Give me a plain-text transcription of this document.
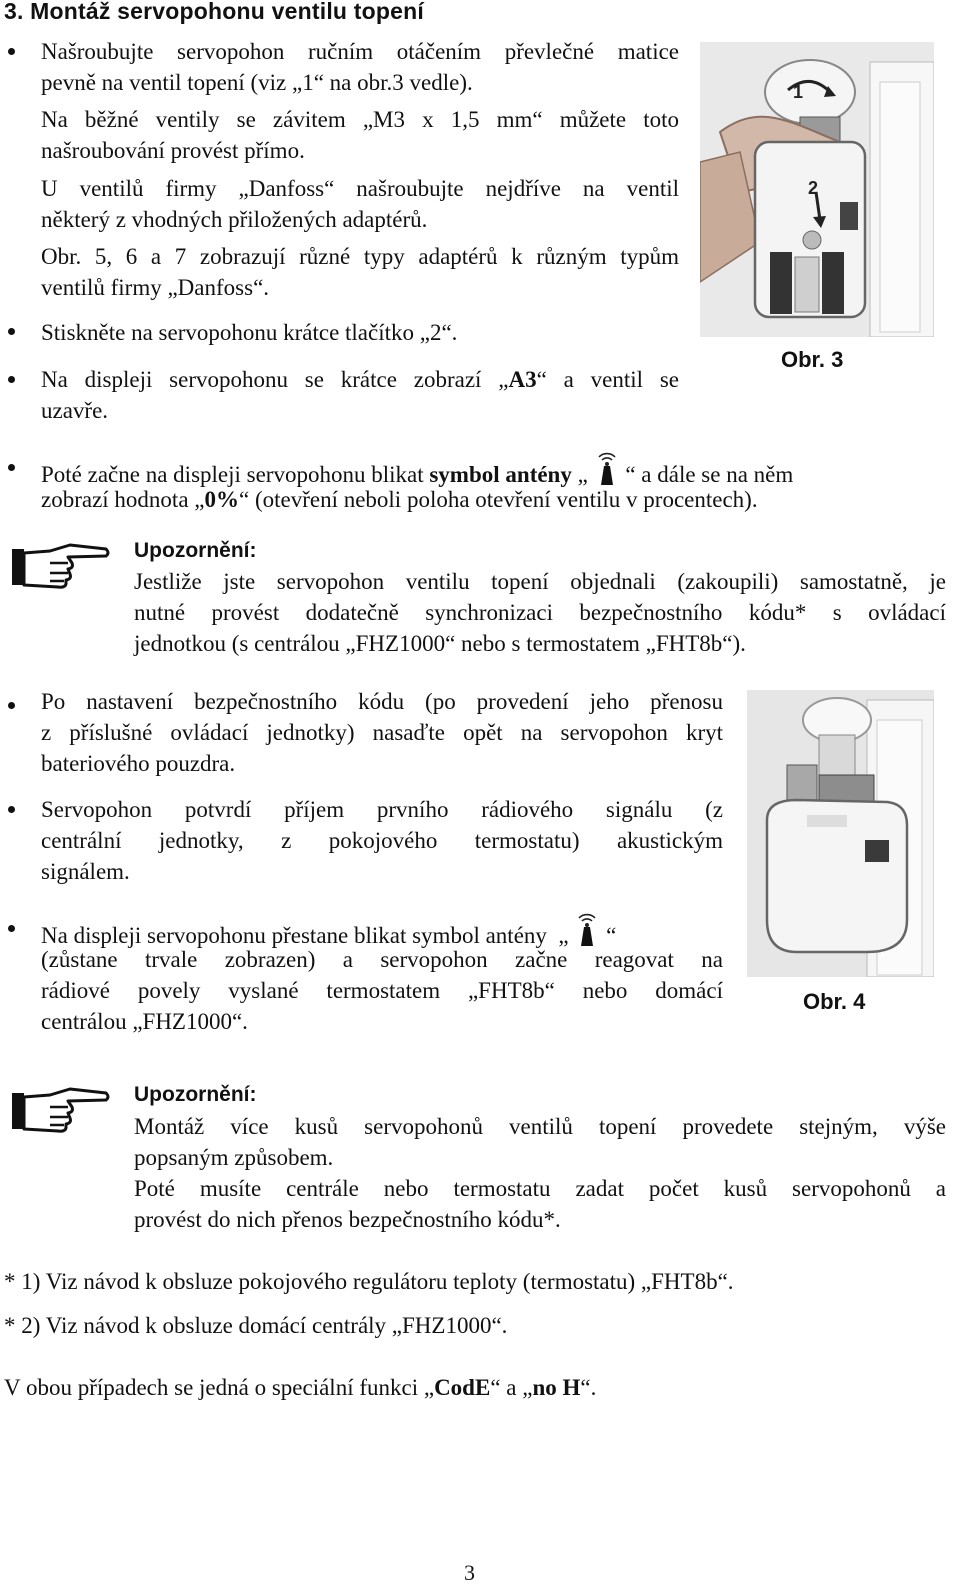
3. Montáž servopohonu ventilu topení
Našroubujte servopohon ručním otáčením převlečné matice
pevně na ventil topení (viz „1“ na obr.3 vedle).
Na běžné ventily se závitem „M3 x 1,5 mm“ můžete toto
našroubování provést přímo.
U ventilů firmy „Danfoss“ našroubujte nejdříve na ventil
některý z vhodných přiložených adaptérů.
Obr. 5, 6 a 7 zobrazují různé typy adaptérů k různým typům
ventilů firmy „Danfoss“.
Stiskněte na servopohonu krátce tlačítko „2“.
Na displeji servopohonu se krátce zobrazí „A3“ a ventil se
uzavře.
1
2
Obr. 3
Poté začne na displeji servopohonu blikat symbol antény „ “ a dále se na něm
zobrazí hodnota „0%“ (otevření neboli poloha otevření ventilu v procentech).
Upozornění:
Jestliže jste servopohon ventilu topení objednali (zakoupili) samostatně, je
nutné provést dodatečně synchronizaci bezpečnostního kódu* s ovládací
jednotkou (s centrálou „FHZ1000“ nebo s termostatem „FHT8b“).
Po nastavení bezpečnostního kódu (po provedení jeho přenosu
z příslušné ovládací jednotky) nasaďte opět na servopohon kryt
bateriového pouzdra.
Servopohon potvrdí příjem prvního rádiového signálu (z
centrální jednotky, z pokojového termostatu) akustickým
signálem.
Na displeji servopohonu přestane blikat symbol antény „ “
(zůstane trvale zobrazen) a servopohon začne reagovat na
rádiové povely vyslané termostatem „FHT8b“ nebo domácí
centrálou „FHZ1000“.
Obr. 4
Upozornění:
Montáž více kusů servopohonů ventilů topení provedete stejným, výše
popsaným způsobem.
Poté musíte centrále nebo termostatu zadat počet kusů servopohonů a
provést do nich přenos bezpečnostního kódu*.
* 1) Viz návod k obsluze pokojového regulátoru teploty (termostatu) „FHT8b“.
* 2) Viz návod k obsluze domácí centrály „FHZ1000“.
V obou případech se jedná o speciální funkci „CodE“ a „no H“.
3
